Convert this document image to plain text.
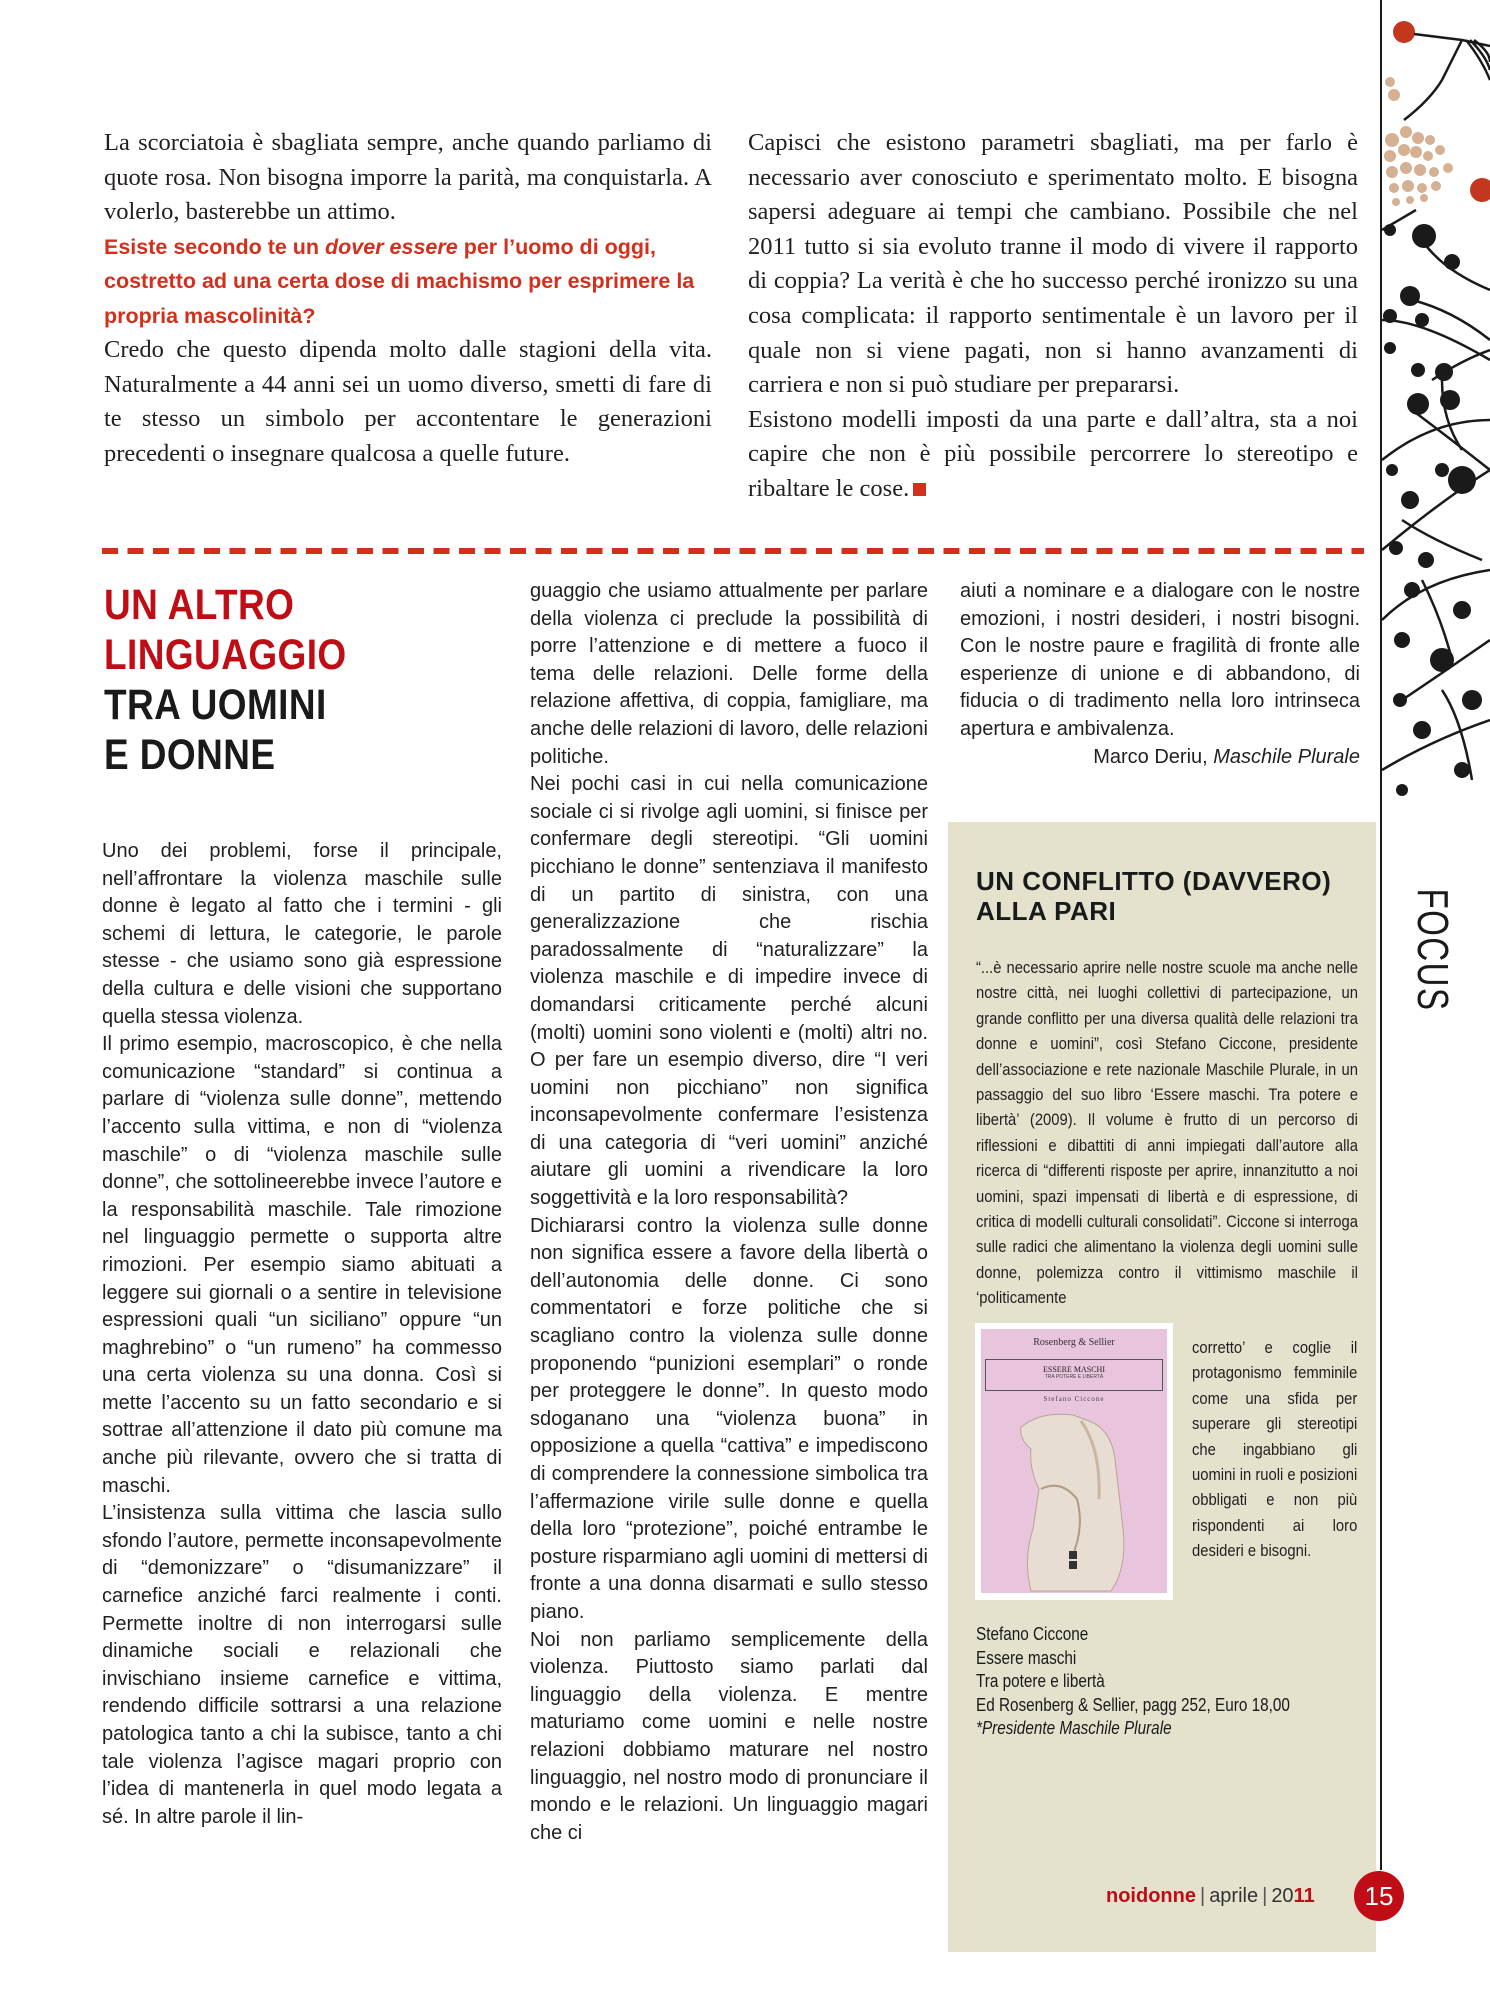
La scorciatoia è sbagliata sempre, anche quando parliamo di quote rosa. Non bisogna imporre la parità, ma conquistarla. A volerlo, basterebbe un attimo.

Esiste secondo te un dover essere per l’uomo di oggi, costretto ad una certa dose di machismo per esprimere la propria mascolinità?

Credo che questo dipenda molto dalle stagioni della vita. Naturalmente a 44 anni sei un uomo diverso, smetti di fare di te stesso un simbolo per accontentare le generazioni precedenti o insegnare qualcosa a quelle future.

Capisci che esistono parametri sbagliati, ma per farlo è necessario aver conosciuto e sperimentato molto. E bisogna sapersi adeguare ai tempi che cambiano. Possibile che nel 2011 tutto si sia evoluto tranne il modo di vivere il rapporto di coppia? La verità è che ho successo perché ironizzo su una cosa complicata: il rapporto sentimentale è un lavoro per il quale non si viene pagati, non si hanno avanzamenti di carriera e non si può studiare per prepararsi.

Esistono modelli imposti da una parte e dall’altra, sta a noi capire che non è più possibile percorrere lo stereotipo e ribaltare le cose.

UN ALTRO
LINGUAGGIO
TRA UOMINI
E DONNE

Uno dei problemi, forse il principale, nell’affrontare la violenza maschile sulle donne è legato al fatto che i termini - gli schemi di lettura, le categorie, le parole stesse - che usiamo sono già espressione della cultura e delle visioni che supportano quella stessa violenza.

Il primo esempio, macroscopico, è che nella comunicazione “standard” si continua a parlare di “violenza sulle donne”, mettendo l’accento sulla vittima, e non di “violenza maschile” o di “violenza maschile sulle donne”, che sottolineerebbe invece l’autore e la responsabilità maschile. Tale rimozione nel linguaggio permette o supporta altre rimozioni. Per esempio siamo abituati a leggere sui giornali o a sentire in televisione espressioni quali “un siciliano” oppure “un maghrebino” o “un rumeno” ha commesso una certa violenza su una donna. Così si mette l’accento su un fatto secondario e si sottrae all’attenzione il dato più comune ma anche più rilevante, ovvero che si tratta di maschi.

L’insistenza sulla vittima che lascia sullo sfondo l’autore, permette inconsapevolmente di “demonizzare” o “disumanizzare” il carnefice anziché farci realmente i conti. Permette inoltre di non interrogarsi sulle dinamiche sociali e relazionali che invischiano insieme carnefice e vittima, rendendo difficile sottrarsi a una relazione patologica tanto a chi la subisce, tanto a chi tale violenza l’agisce magari proprio con l’idea di mantenerla in quel modo legata a sé. In altre parole il lin-

guaggio che usiamo attualmente per parlare della violenza ci preclude la possibilità di porre l’attenzione e di mettere a fuoco il tema delle relazioni. Delle forme della relazione affettiva, di coppia, famigliare, ma anche delle relazioni di lavoro, delle relazioni politiche.

Nei pochi casi in cui nella comunicazione sociale ci si rivolge agli uomini, si finisce per confermare degli stereotipi. “Gli uomini picchiano le donne” sentenziava il manifesto di un partito di sinistra, con una generalizzazione che rischia paradossalmente di “naturalizzare” la violenza maschile e di impedire invece di domandarsi criticamente perché alcuni (molti) uomini sono violenti e (molti) altri no. O per fare un esempio diverso, dire “I veri uomini non picchiano” non significa inconsapevolmente confermare l’esistenza di una categoria di “veri uomini” anziché aiutare gli uomini a rivendicare la loro soggettività e la loro responsabilità?

Dichiararsi contro la violenza sulle donne non significa essere a favore della libertà o dell’autonomia delle donne. Ci sono commentatori e forze politiche che si scagliano contro la violenza sulle donne proponendo “punizioni esemplari” o ronde per proteggere le donne”. In questo modo sdoganano una “violenza buona” in opposizione a quella “cattiva” e impediscono di comprendere la connessione simbolica tra l’affermazione virile sulle donne e quella della loro “protezione”, poiché entrambe le posture risparmiano agli uomini di mettersi di fronte a una donna disarmati e sullo stesso piano.

Noi non parliamo semplicemente della violenza. Piuttosto siamo parlati dal linguaggio della violenza. E mentre maturiamo come uomini e nelle nostre relazioni dobbiamo maturare nel nostro linguaggio, nel nostro modo di pronunciare il mondo e le relazioni. Un linguaggio magari che ci

aiuti a nominare e a dialogare con le nostre emozioni, i nostri desideri, i nostri bisogni. Con le nostre paure e fragilità di fronte alle esperienze di unione e di abbandono, di fiducia o di tradimento nella loro intrinseca apertura e ambivalenza.

Marco Deriu, Maschile Plurale
UN CONFLITTO (DAVVERO)
ALLA PARI
“...è necessario aprire nelle nostre scuole ma anche nelle nostre città, nei luoghi collettivi di partecipazione, un grande conflitto per una diversa qualità delle relazioni tra donne e uomini”, così Stefano Ciccone, presidente dell’associazione e rete nazionale Maschile Plurale, in un passaggio del suo libro ‘Essere maschi. Tra potere e libertà’ (2009). Il volume è frutto di un percorso di riflessioni e dibattiti di anni impiegati dall’autore alla ricerca di “differenti risposte per aprire, innanzitutto a noi uomini, spazi impensati di libertà e di espressione, di critica di modelli culturali consolidati”. Ciccone si interroga sulle radici che alimentano la violenza degli uomini sulle donne, polemizza contro il vittimismo maschile il ‘politicamente
Rosenberg & Sellier
ESSERE MASCHI
TRA POTERE E LIBERTÀ
Stefano Ciccone
corretto’ e coglie il protagonismo femminile come una sfida per superare gli stereotipi che ingabbiano gli uomini in ruoli e posizioni obbligati e non più rispondenti ai loro desideri e bisogni.
Stefano Ciccone
Essere maschi
Tra potere e libertà
Ed Rosenberg & Sellier, pagg 252, Euro 18,00
*Presidente Maschile Plurale
FOCUS
noidonne | aprile | 2011	15
